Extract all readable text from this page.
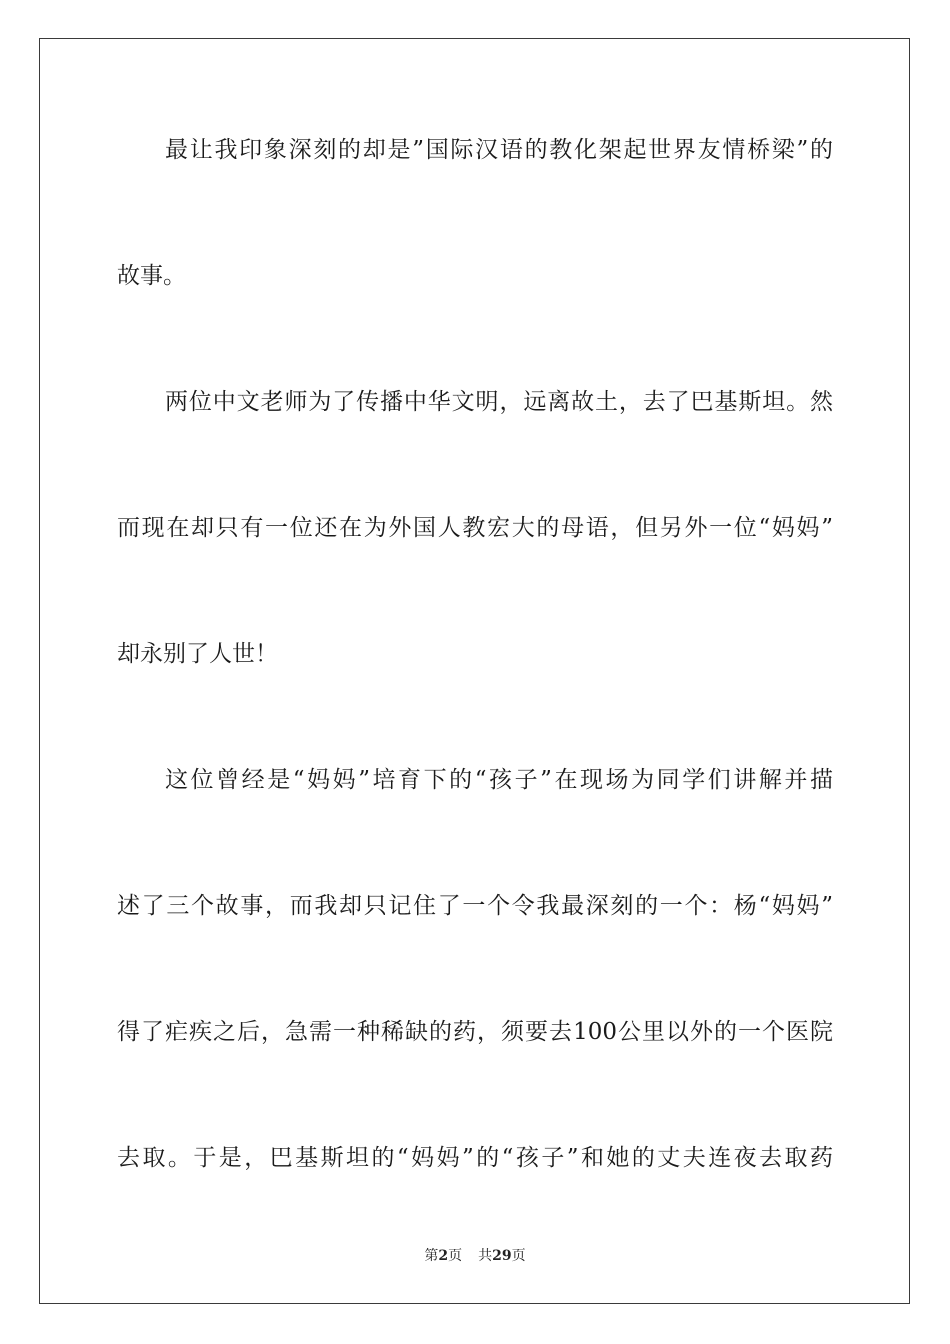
最让我印象深刻的却是”国际汉语的教化架起世界友情桥梁”的
故事。
两位中文老师为了传播中华文明，远离故土，去了巴基斯坦。然
而现在却只有一位还在为外国人教宏大的母语，但另外一位“妈妈”
却永别了人世！
这位曾经是“妈妈”培育下的“孩子”在现场为同学们讲解并描
述了三个故事，而我却只记住了一个令我最深刻的一个：杨“妈妈”
得了疟疾之后，急需一种稀缺的药，须要去100公里以外的一个医院
去取。于是，巴基斯坦的“妈妈”的“孩子”和她的丈夫连夜去取药
第2页 共29页
